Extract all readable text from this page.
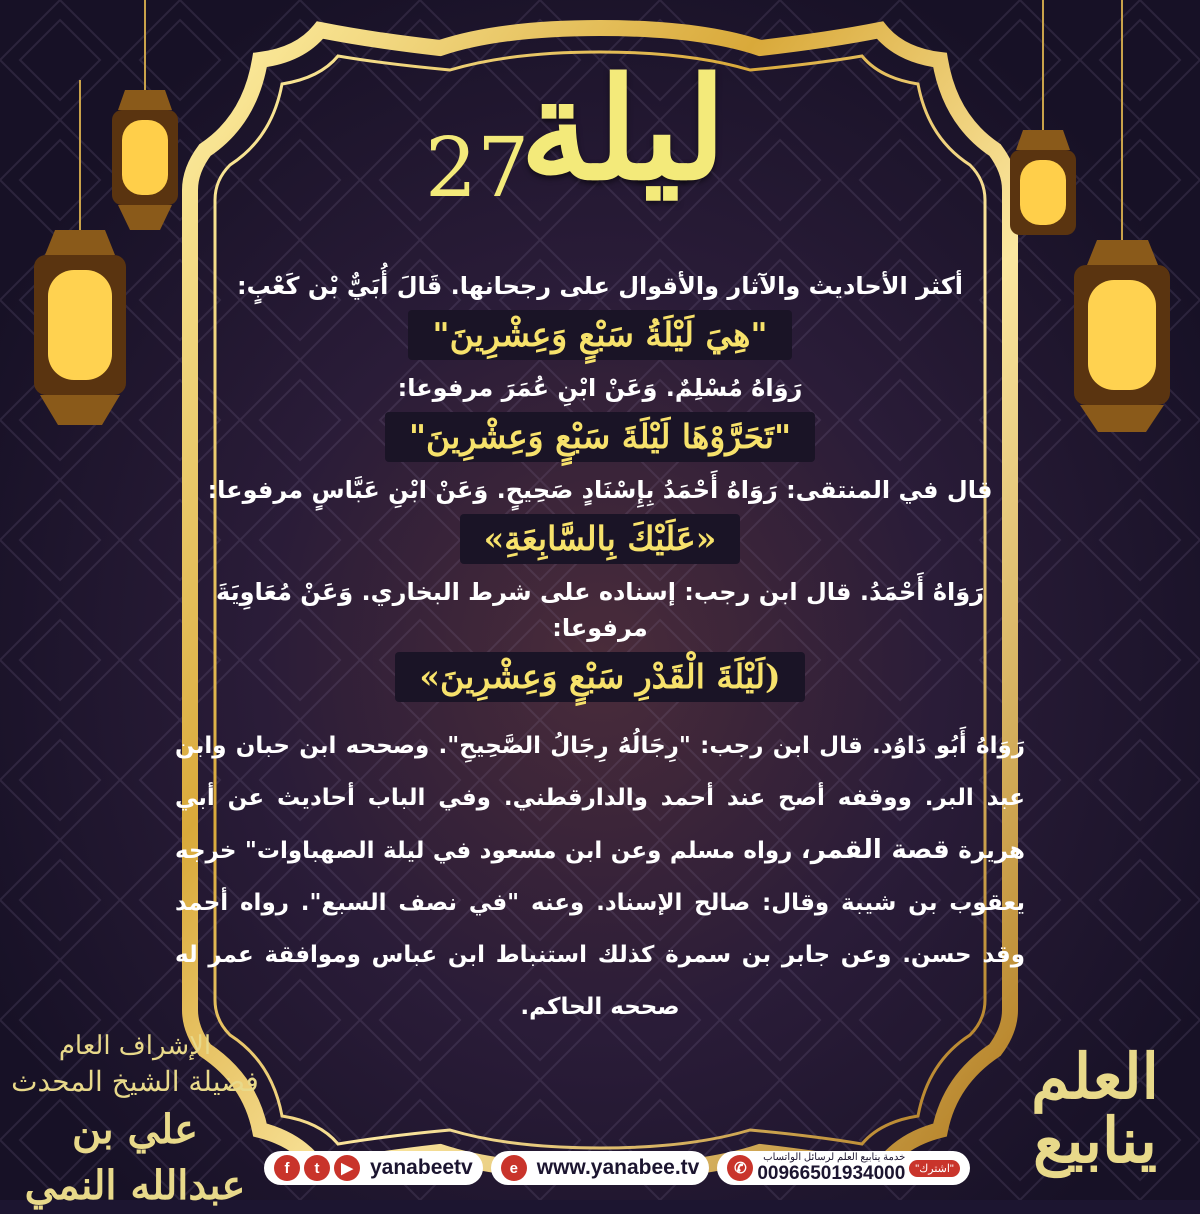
ليلة
27

أكثر الأحاديث والآثار والأقوال على رجحانها. قَالَ أُبَيٌّ بْن كَعْبٍ:

"هِيَ لَيْلَةُ سَبْعٍ وَعِشْرِينَ"

رَوَاهُ مُسْلِمٌ. وَعَنْ ابْنِ عُمَرَ مرفوعا:

"تَحَرَّوْهَا لَيْلَةَ سَبْعٍ وَعِشْرِينَ"

قال في المنتقى: رَوَاهُ أَحْمَدُ بِإِسْنَادٍ صَحِيحٍ. وَعَنْ ابْنِ عَبَّاسٍ مرفوعا:

«عَلَيْكَ بِالسَّابِعَةِ»

رَوَاهُ أَحْمَدُ. قال ابن رجب: إسناده على شرط البخاري. وَعَنْ مُعَاوِيَةَ مرفوعا:

(لَيْلَةَ الْقَدْرِ سَبْعٍ وَعِشْرِينَ»

رَوَاهُ أَبُو دَاوُد. قال ابن رجب: "رِجَالُهُ رِجَالُ الصَّحِيحِ". وصححه ابن حبان وابن عبد البر. ووقفه أصح عند أحمد والدارقطني. وفي الباب أحاديث عن أبي هريرة قصة القمر، رواه مسلم وعن ابن مسعود في ليلة الصهباوات" خرجه يعقوب بن شيبة وقال: صالح الإسناد. وعنه "في نصف السبع". رواه أحمد وقد حسن. وعن جابر بن سمرة كذلك استنباط ابن عباس وموافقة عمر له صححه الحاكم.

الإشراف العام
فضيلة الشيخ المحدث
علي بن عبدالله النمي	f	t	▶ yanabeetv	e www.yanabee.tv	✆
خدمة ينابيع العلم لرسائل الواتساب
00966501934000 "اشترك"
العلم
ينابيع
